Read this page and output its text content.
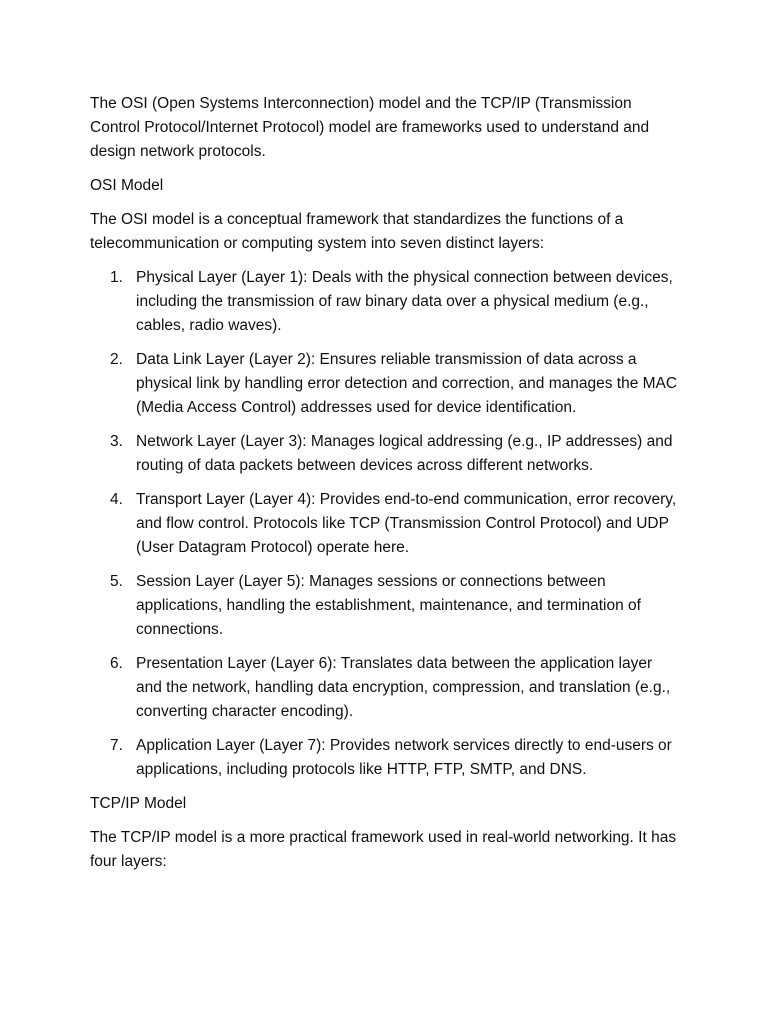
The OSI (Open Systems Interconnection) model and the TCP/IP (Transmission Control Protocol/Internet Protocol) model are frameworks used to understand and design network protocols.

OSI Model

The OSI model is a conceptual framework that standardizes the functions of a telecommunication or computing system into seven distinct layers:

1. Physical Layer (Layer 1): Deals with the physical connection between devices, including the transmission of raw binary data over a physical medium (e.g., cables, radio waves).
2. Data Link Layer (Layer 2): Ensures reliable transmission of data across a physical link by handling error detection and correction, and manages the MAC (Media Access Control) addresses used for device identification.
3. Network Layer (Layer 3): Manages logical addressing (e.g., IP addresses) and routing of data packets between devices across different networks.
4. Transport Layer (Layer 4): Provides end-to-end communication, error recovery, and flow control. Protocols like TCP (Transmission Control Protocol) and UDP (User Datagram Protocol) operate here.
5. Session Layer (Layer 5): Manages sessions or connections between applications, handling the establishment, maintenance, and termination of connections.
6. Presentation Layer (Layer 6): Translates data between the application layer and the network, handling data encryption, compression, and translation (e.g., converting character encoding).
7. Application Layer (Layer 7): Provides network services directly to end-users or applications, including protocols like HTTP, FTP, SMTP, and DNS.

TCP/IP Model

The TCP/IP model is a more practical framework used in real-world networking. It has four layers:
